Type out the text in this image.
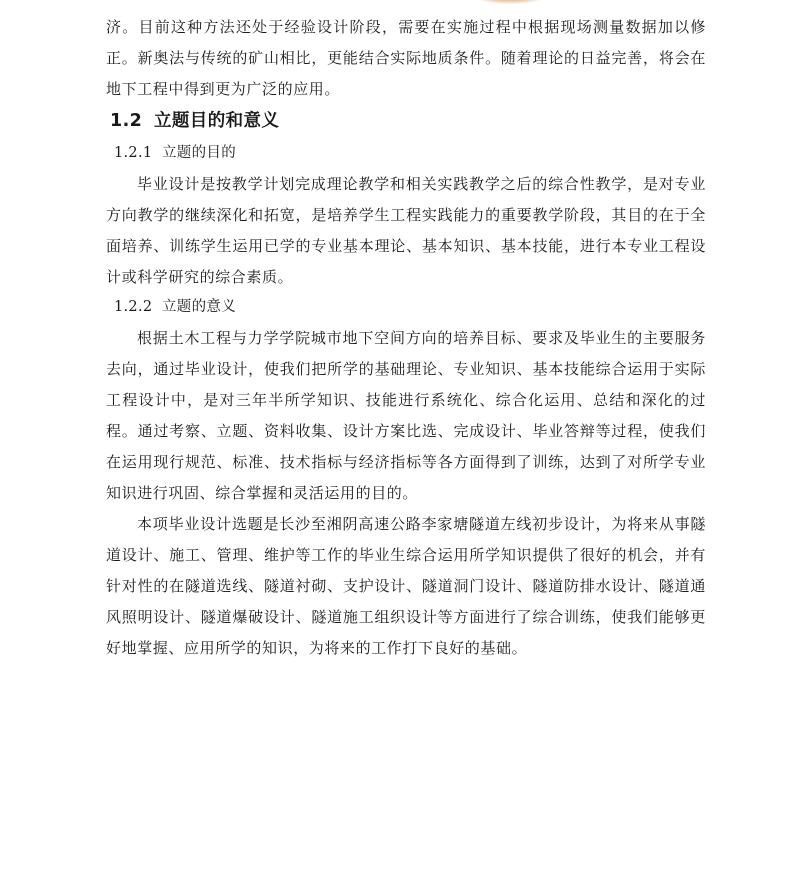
济。目前这种方法还处于经验设计阶段，需要在实施过程中根据现场测量数据加以修正。新奥法与传统的矿山相比，更能结合实际地质条件。随着理论的日益完善，将会在地下工程中得到更为广泛的应用。

1.2 立题目的和意义
1.2.1 立题的目的

毕业设计是按教学计划完成理论教学和相关实践教学之后的综合性教学，是对专业方向教学的继续深化和拓宽，是培养学生工程实践能力的重要教学阶段，其目的在于全面培养、训练学生运用已学的专业基本理论、基本知识、基本技能，进行本专业工程设计或科学研究的综合素质。

1.2.2 立题的意义

根据土木工程与力学学院城市地下空间方向的培养目标、要求及毕业生的主要服务去向，通过毕业设计，使我们把所学的基础理论、专业知识、基本技能综合运用于实际工程设计中，是对三年半所学知识、技能进行系统化、综合化运用、总结和深化的过程。通过考察、立题、资料收集、设计方案比选、完成设计、毕业答辩等过程，使我们在运用现行规范、标准、技术指标与经济指标等各方面得到了训练，达到了对所学专业知识进行巩固、综合掌握和灵活运用的目的。

本项毕业设计选题是长沙至湘阴高速公路李家塘隧道左线初步设计，为将来从事隧道设计、施工、管理、维护等工作的毕业生综合运用所学知识提供了很好的机会，并有针对性的在隧道选线、隧道衬砌、支护设计、隧道洞门设计、隧道防排水设计、隧道通风照明设计、隧道爆破设计、隧道施工组织设计等方面进行了综合训练，使我们能够更好地掌握、应用所学的知识，为将来的工作打下良好的基础。
